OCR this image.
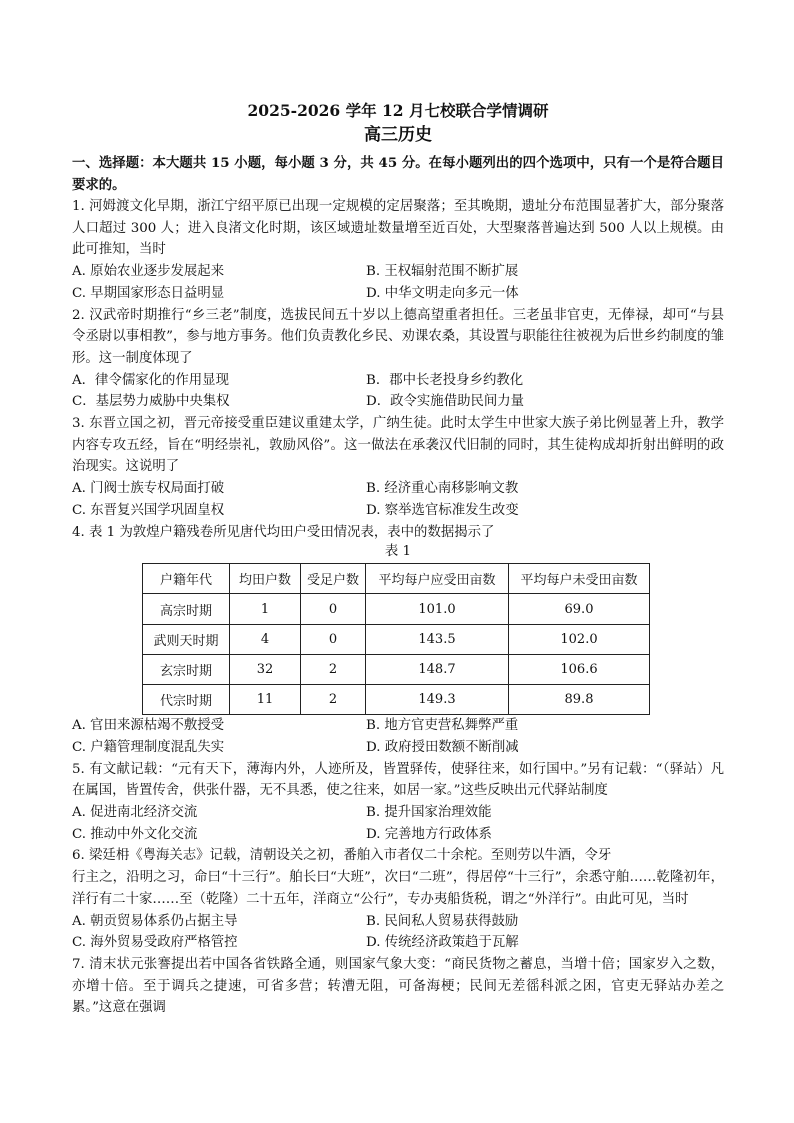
2025-2026 学年 12 月七校联合学情调研
高三历史
一、选择题：本大题共 15 小题，每小题 3 分，共 45 分。在每小题列出的四个选项中，只有一个是符合题目要求的。
1. 河姆渡文化早期，浙江宁绍平原已出现一定规模的定居聚落；至其晚期，遗址分布范围显著扩大，部分聚落人口超过 300 人；进入良渚文化时期，该区域遗址数量增至近百处，大型聚落普遍达到 500 人以上规模。由此可推知，当时
A. 原始农业逐步发展起来	B. 王权辐射范围不断扩展
C. 早期国家形态日益明显	D. 中华文明走向多元一体
2. 汉武帝时期推行“乡三老”制度，选拔民间五十岁以上德高望重者担任。三老虽非官吏，无俸禄，却可“与县令丞尉以事相教”，参与地方事务。他们负责教化乡民、劝课农桑，其设置与职能往往被视为后世乡约制度的雏形。这一制度体现了
A．律令儒家化的作用显现	B．郡中长老投身乡约教化
C．基层势力威胁中央集权	D．政令实施借助民间力量
3. 东晋立国之初，晋元帝接受重臣建议重建太学，广纳生徒。此时太学生中世家大族子弟比例显著上升，教学内容专攻五经，旨在“明经崇礼，敦励风俗”。这一做法在承袭汉代旧制的同时，其生徒构成却折射出鲜明的政治现实。这说明了
A. 门阀士族专权局面打破	B. 经济重心南移影响文教
C. 东晋复兴国学巩固皇权	D. 察举选官标准发生改变
4. 表 1 为敦煌户籍残卷所见唐代均田户受田情况表，表中的数据揭示了
表 1
户籍年代	均田户数	受足户数	平均每户应受田亩数	平均每户未受田亩数
高宗时期	1	0	101.0	69.0
武则天时期	4	0	143.5	102.0
玄宗时期	32	2	148.7	106.6
代宗时期	11	2	149.3	89.8
A. 官田来源枯竭不敷授受	B. 地方官吏营私舞弊严重
C. 户籍管理制度混乱失实	D. 政府授田数额不断削减
5. 有文献记载：“元有天下，薄海内外，人迹所及，皆置驿传，使驿往来，如行国中。”另有记载：“（驿站）凡在属国，皆置传舍，供张什器，无不具悉，使之往来，如居一家。”这些反映出元代驿站制度
A. 促进南北经济交流	B. 提升国家治理效能
C. 推动中外文化交流	D. 完善地方行政体系
6. 梁廷枏《粤海关志》记载，清朝设关之初，番舶入市者仅二十余柁。至则劳以牛酒，令牙
行主之，沿明之习，命曰“十三行”。舶长曰“大班”，次曰“二班”，得居停“十三行”，余悉守舶……乾隆初年，洋行有二十家……至（乾隆）二十五年，洋商立“公行”，专办夷船货税，谓之“外洋行”。由此可见，当时
A. 朝贡贸易体系仍占据主导	B. 民间私人贸易获得鼓励
C. 海外贸易受政府严格管控	D. 传统经济政策趋于瓦解
7. 清末状元张謇提出若中国各省铁路全通，则国家气象大变：“商民货物之蓄息，当增十倍；国家岁入之数，亦增十倍。至于调兵之捷速，可省多营；转漕无阻，可备海梗；民间无差徭科派之困，官吏无驿站办差之累。”这意在强调
